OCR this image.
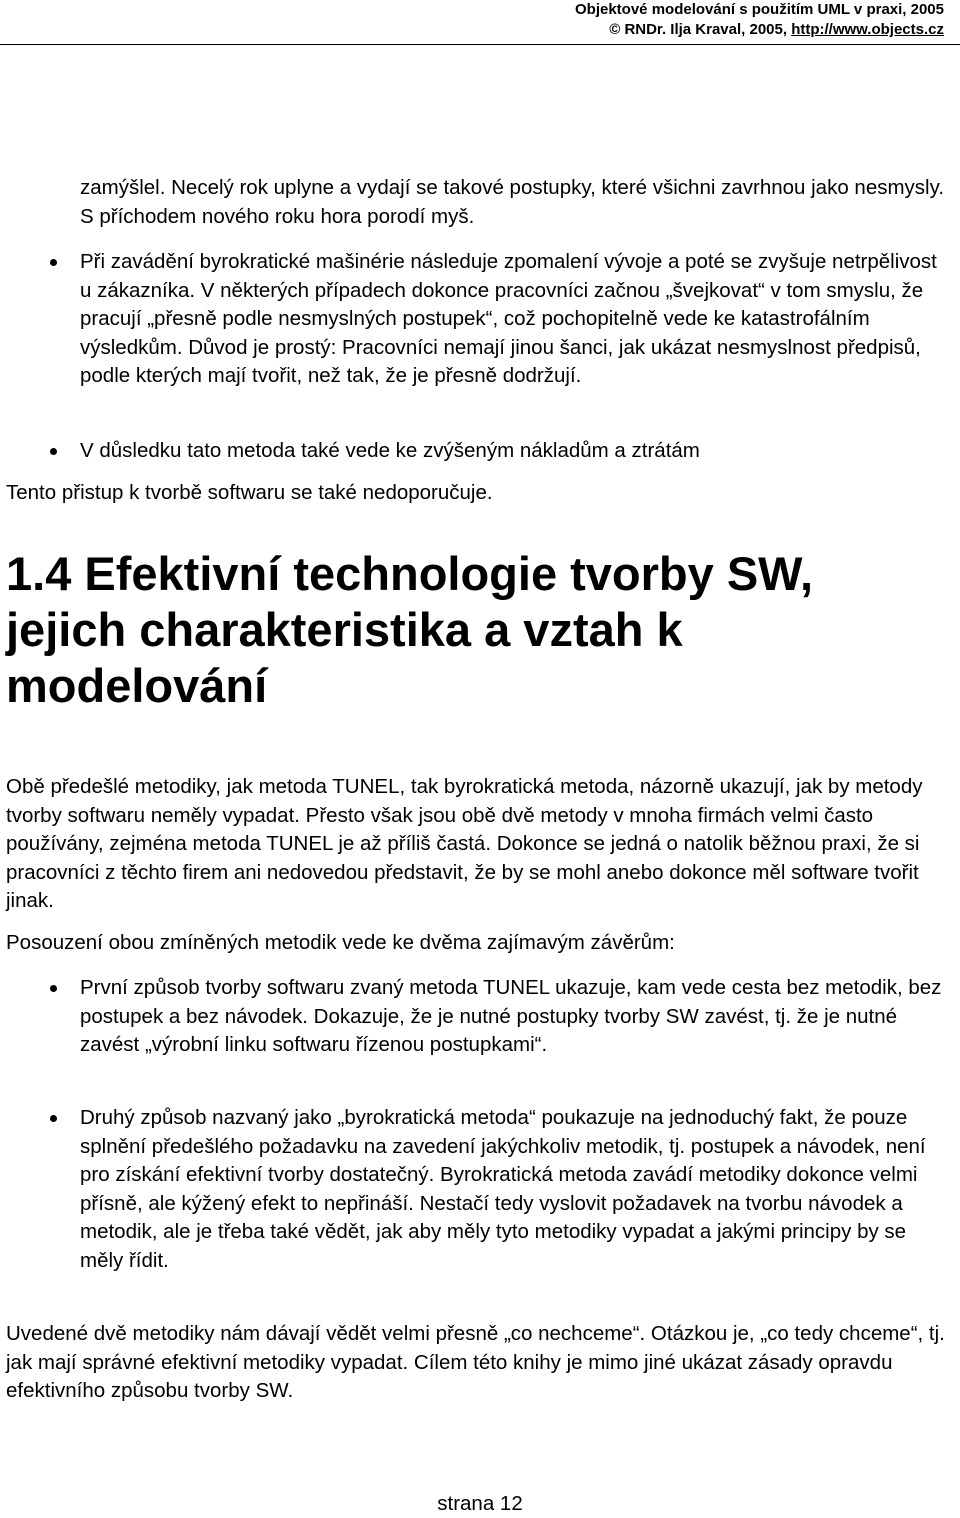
Objektové modelování s použitím UML v praxi, 2005
© RNDr. Ilja Kraval, 2005, http://www.objects.cz

zamýšlel. Necelý rok uplyne a vydají se takové postupky, které všichni zavrhnou jako nesmysly. S příchodem nového roku hora porodí myš.

Při zavádění byrokratické mašinérie následuje zpomalení vývoje a poté se zvyšuje netrpělivost u zákazníka. V některých případech dokonce pracovníci začnou „švejkovat“ v tom smyslu, že pracují „přesně podle nesmyslných postupek“, což pochopitelně vede ke katastrofálním výsledkům. Důvod je prostý: Pracovníci nemají jinou šanci, jak ukázat nesmyslnost předpisů, podle kterých mají tvořit, než tak, že je přesně dodržují.

V důsledku tato metoda také vede ke zvýšeným nákladům a ztrátám

Tento přistup k tvorbě softwaru se také nedoporučuje.

1.4 Efektivní technologie tvorby SW, jejich charakteristika a vztah k modelování

Obě předešlé metodiky, jak metoda TUNEL, tak byrokratická metoda, názorně ukazují, jak by metody tvorby softwaru neměly vypadat. Přesto však jsou obě dvě metody v mnoha firmách velmi často používány, zejména metoda TUNEL je až příliš častá. Dokonce se jedná o natolik běžnou praxi, že si pracovníci z těchto firem ani nedovedou představit, že by se mohl anebo dokonce měl software tvořit jinak.

Posouzení obou zmíněných metodik vede ke dvěma zajímavým závěrům:

První způsob tvorby softwaru zvaný metoda TUNEL ukazuje, kam vede cesta bez metodik, bez postupek a bez návodek. Dokazuje, že je nutné postupky tvorby SW zavést, tj. že je nutné zavést „výrobní linku softwaru řízenou postupkami“.

Druhý způsob nazvaný jako „byrokratická metoda“ poukazuje na jednoduchý fakt, že pouze splnění předešlého požadavku na zavedení jakýchkoliv metodik, tj. postupek a návodek, není pro získání efektivní tvorby dostatečný. Byrokratická metoda zavádí metodiky dokonce velmi přísně, ale kýžený efekt to nepřináší. Nestačí tedy vyslovit požadavek na tvorbu návodek a metodik, ale je třeba také vědět, jak aby měly tyto metodiky vypadat a jakými principy by se měly řídit.

Uvedené dvě metodiky nám dávají vědět velmi přesně „co nechceme“. Otázkou je, „co tedy chceme“, tj. jak mají správné efektivní metodiky vypadat. Cílem této knihy je mimo jiné ukázat zásady opravdu efektivního způsobu tvorby SW.

strana 12
